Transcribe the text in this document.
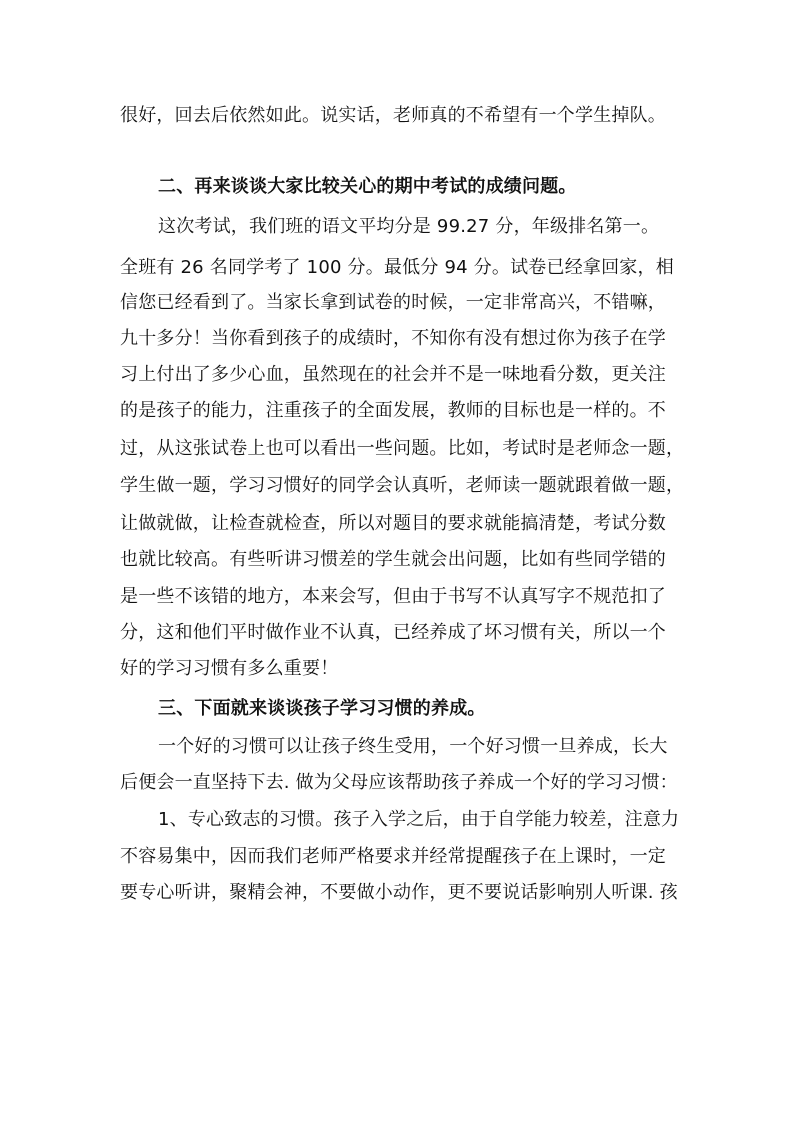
很好，回去后依然如此。说实话，老师真的不希望有一个学生掉队。
二、再来谈谈大家比较关心的期中考试的成绩问题。
这次考试，我们班的语文平均分是 99.27 分，年级排名第一。
全班有 26 名同学考了 100 分。最低分 94 分。试卷已经拿回家，相
信您已经看到了。当家长拿到试卷的时候，一定非常高兴，不错嘛，
九十多分！当你看到孩子的成绩时，不知你有没有想过你为孩子在学
习上付出了多少心血，虽然现在的社会并不是一味地看分数，更关注
的是孩子的能力，注重孩子的全面发展，教师的目标也是一样的。不
过，从这张试卷上也可以看出一些问题。比如，考试时是老师念一题，
学生做一题，学习习惯好的同学会认真听，老师读一题就跟着做一题，
让做就做，让检查就检查，所以对题目的要求就能搞清楚，考试分数
也就比较高。有些听讲习惯差的学生就会出问题，比如有些同学错的
是一些不该错的地方，本来会写，但由于书写不认真写字不规范扣了
分，这和他们平时做作业不认真，已经养成了坏习惯有关，所以一个
好的学习习惯有多么重要！
三、下面就来谈谈孩子学习习惯的养成。
一个好的习惯可以让孩子终生受用，一个好习惯一旦养成，长大
后便会一直坚持下去. 做为父母应该帮助孩子养成一个好的学习习惯：
1、专心致志的习惯。孩子入学之后，由于自学能力较差，注意力
不容易集中，因而我们老师严格要求并经常提醒孩子在上课时，一定
要专心听讲，聚精会神，不要做小动作，更不要说话影响别人听课. 孩
